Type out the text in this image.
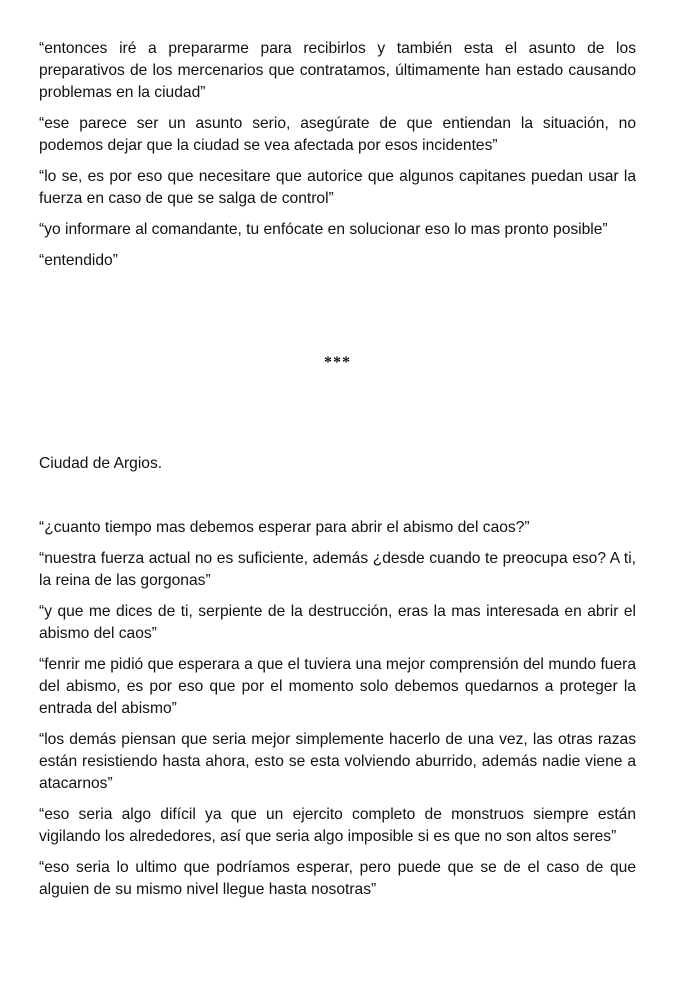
“entonces iré a prepararme para recibirlos y también esta el asunto de los preparativos de los mercenarios que contratamos, últimamente han estado causando problemas en la ciudad”

“ese parece ser un asunto serio, asegúrate de que entiendan la situación, no podemos dejar que la ciudad se vea afectada por esos incidentes”

“lo se, es por eso que necesitare que autorice que algunos capitanes puedan usar la fuerza en caso de que se salga de control”

“yo informare al comandante, tu enfócate en solucionar eso lo mas pronto posible”

“entendido”

***

Ciudad de Argios.

“¿cuanto tiempo mas debemos esperar para abrir el abismo del caos?”

“nuestra fuerza actual no es suficiente, además ¿desde cuando te preocupa eso? A ti, la reina de las gorgonas”

“y que me dices de ti, serpiente de la destrucción, eras la mas interesada en abrir el abismo del caos”

“fenrir me pidió que esperara a que el tuviera una mejor comprensión del mundo fuera del abismo, es por eso que por el momento solo debemos quedarnos a proteger la entrada del abismo”

“los demás piensan que seria mejor simplemente hacerlo de una vez, las otras razas están resistiendo hasta ahora, esto se esta volviendo aburrido, además nadie viene a atacarnos”

“eso seria algo difícil ya que un ejercito completo de monstruos siempre están vigilando los alrededores, así que seria algo imposible si es que no son altos seres”

“eso seria lo ultimo que podríamos esperar, pero puede que se de el caso de que alguien de su mismo nivel llegue hasta nosotras”
